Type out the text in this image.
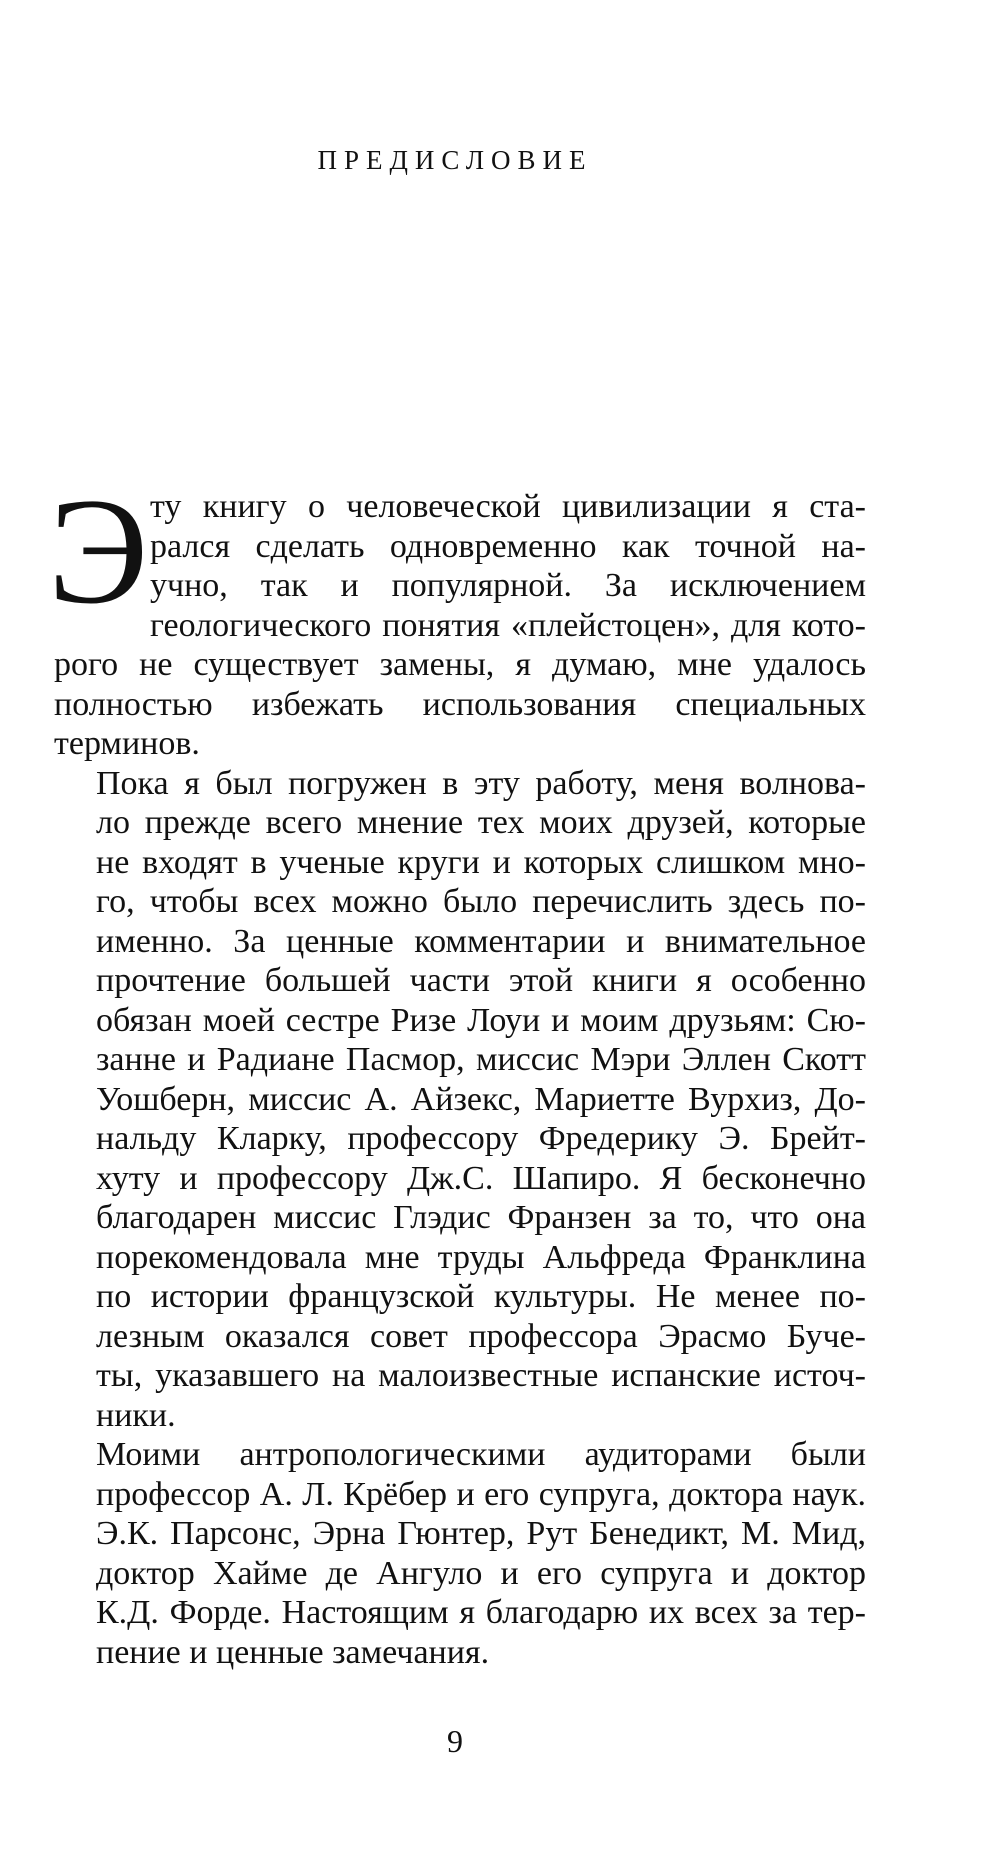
ПРЕДИСЛОВИЕ
Э ту книгу о человеческой цивилизации я ста-
рался сделать одновременно как точной на-
учно, так и популярной. За исключением
геологического понятия «плейстоцен», для кото-
рого не существует замены, я думаю, мне удалось
полностью избежать использования специальных
терминов.
Пока я был погружен в эту работу, меня волнова-
ло прежде всего мнение тех моих друзей, которые
не входят в ученые круги и которых слишком мно-
го, чтобы всех можно было перечислить здесь по-
именно. За ценные комментарии и внимательное
прочтение большей части этой книги я особенно
обязан моей сестре Ризе Лоуи и моим друзьям: Сю-
занне и Радиане Пасмор, миссис Мэри Эллен Скотт
Уошберн, миссис А. Айзекс, Мариетте Вурхиз, До-
нальду Кларку, профессору Фредерику Э. Брейт-
хуту и профессору Дж.С. Шапиро. Я бесконечно
благодарен миссис Глэдис Франзен за то, что она
порекомендовала мне труды Альфреда Франклина
по истории французской культуры. Не менее по-
лезным оказался совет профессора Эрасмо Буче-
ты, указавшего на малоизвестные испанские источ-
ники.
Моими антропологическими аудиторами были
профессор А. Л. Крёбер и его супруга, доктора наук.
Э.К. Парсонс, Эрна Гюнтер, Рут Бенедикт, М. Мид,
доктор Хайме де Ангуло и его супруга и доктор
К.Д. Форде. Настоящим я благодарю их всех за тер-
пение и ценные замечания.
9
